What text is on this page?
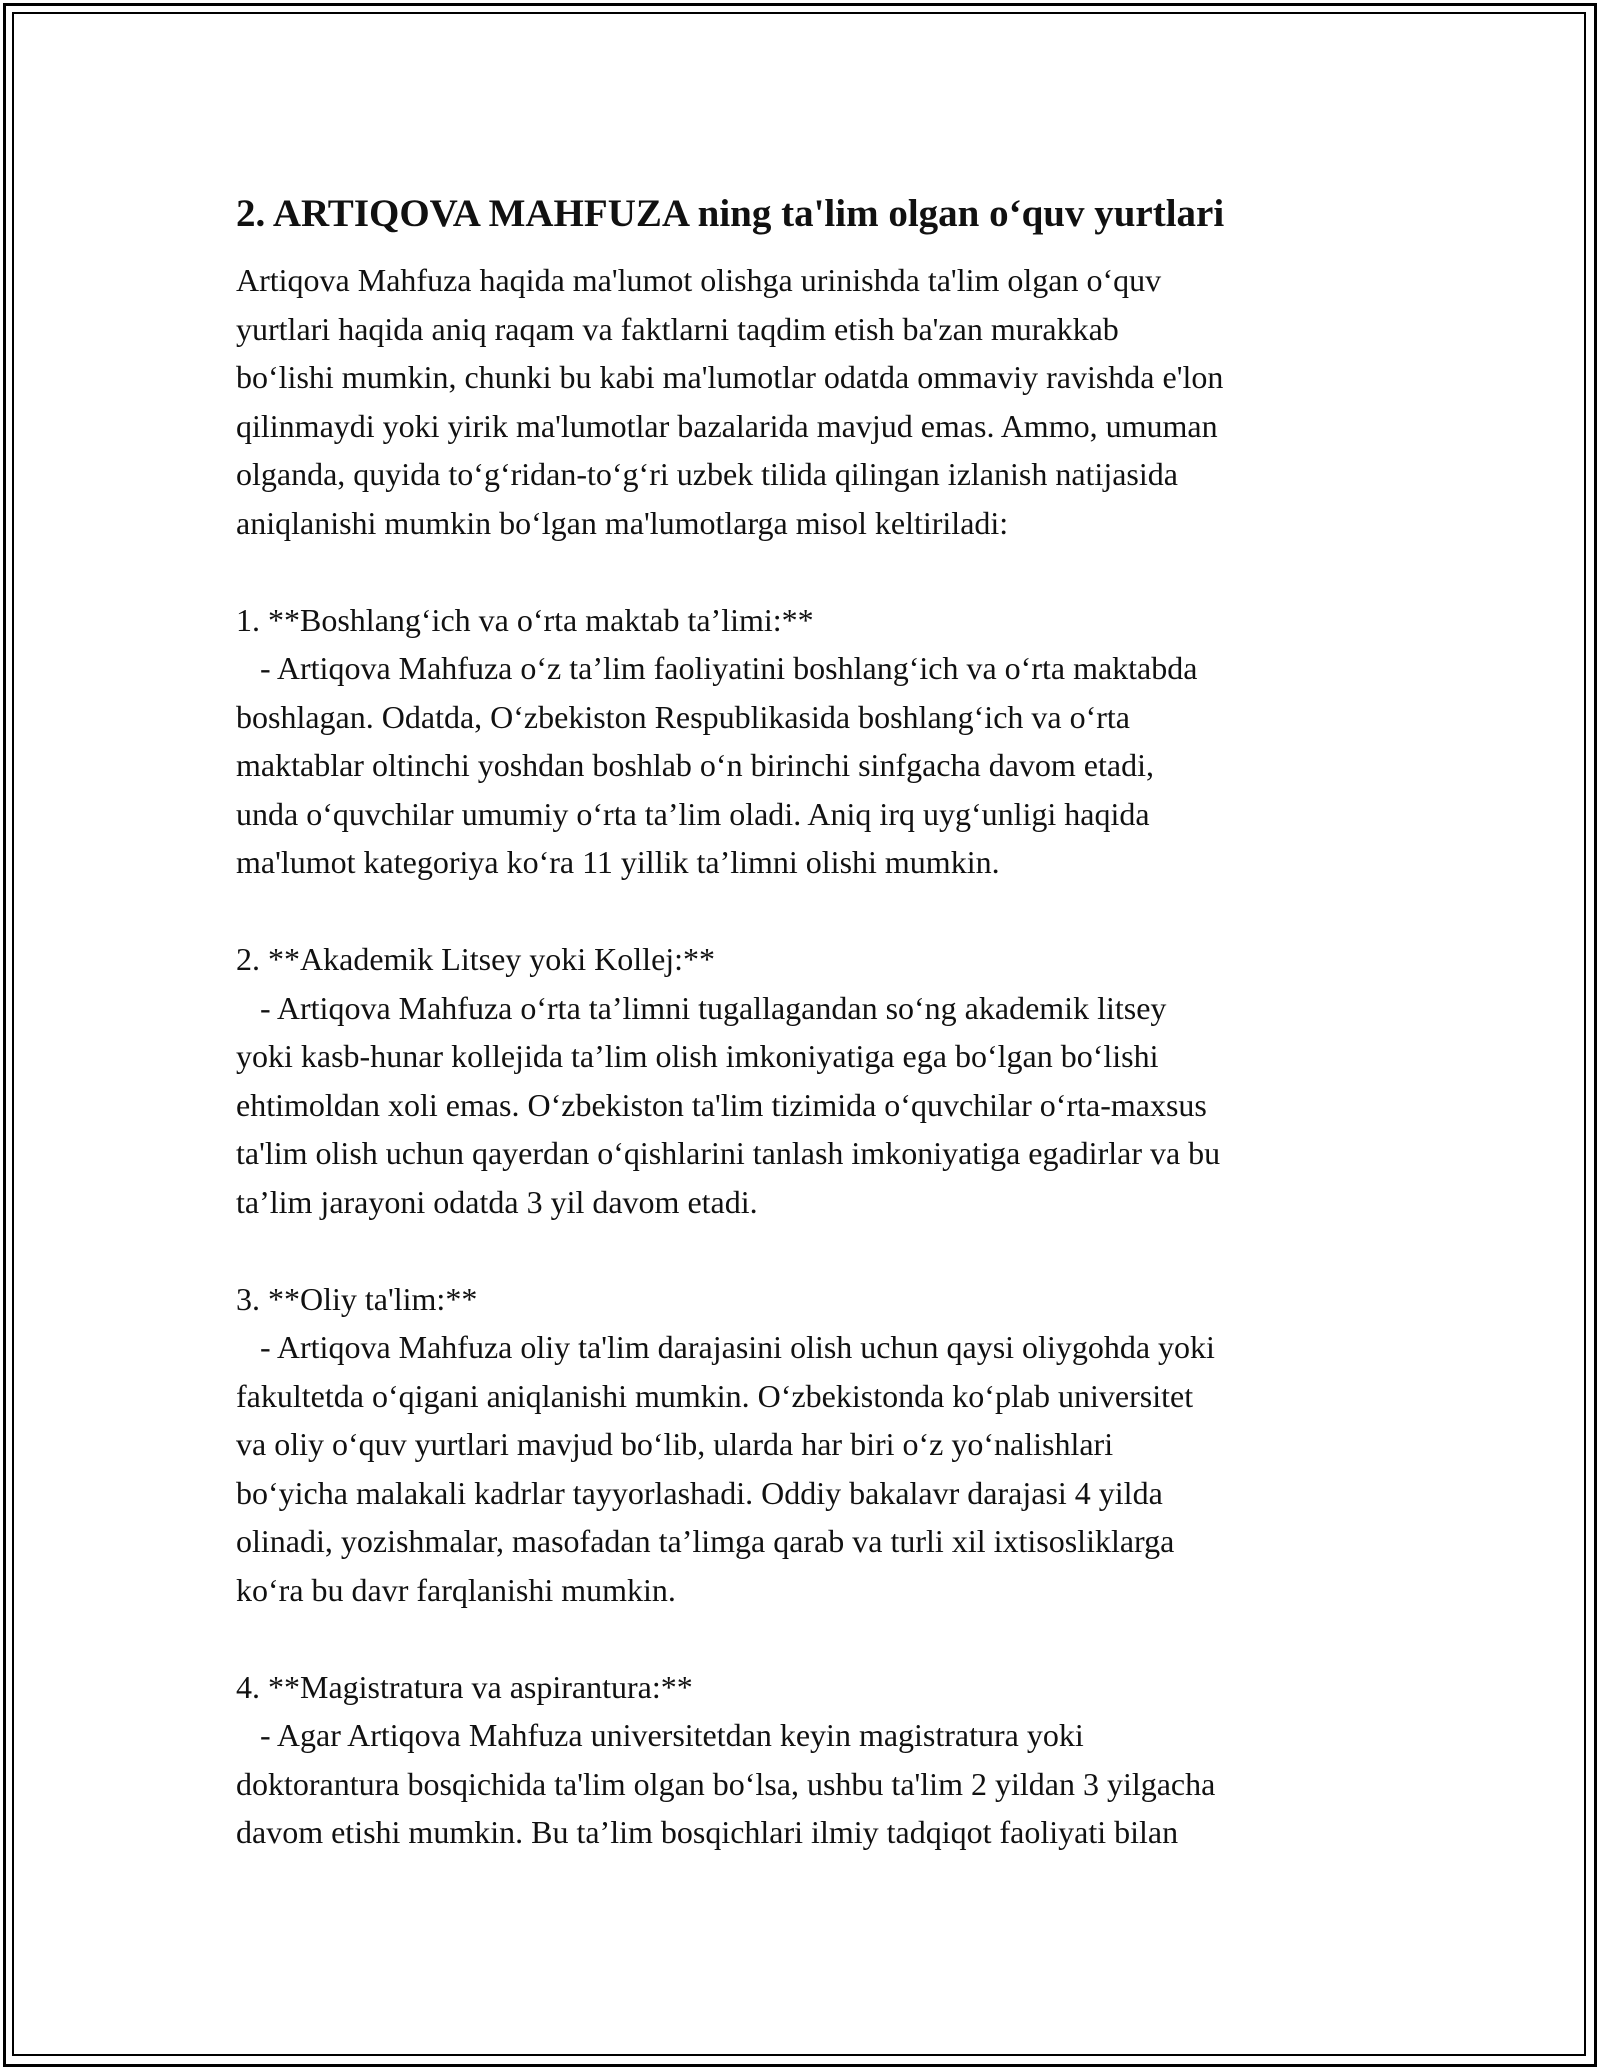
2. ARTIQOVA MAHFUZA ning ta'lim olgan o‘quv yurtlari

Artiqova Mahfuza haqida ma'lumot olishga urinishda ta'lim olgan o‘quv
yurtlari haqida aniq raqam va faktlarni taqdim etish ba'zan murakkab
bo‘lishi mumkin, chunki bu kabi ma'lumotlar odatda ommaviy ravishda e'lon
qilinmaydi yoki yirik ma'lumotlar bazalarida mavjud emas. Ammo, umuman
olganda, quyida to‘g‘ridan-to‘g‘ri uzbek tilida qilingan izlanish natijasida
aniqlanishi mumkin bo‘lgan ma'lumotlarga misol keltiriladi:

1. **Boshlang‘ich va o‘rta maktab ta’limi:**

- Artiqova Mahfuza o‘z ta’lim faoliyatini boshlang‘ich va o‘rta maktabda
boshlagan. Odatda, O‘zbekiston Respublikasida boshlang‘ich va o‘rta
maktablar oltinchi yoshdan boshlab o‘n birinchi sinfgacha davom etadi,
unda o‘quvchilar umumiy o‘rta ta’lim oladi. Aniq irq uyg‘unligi haqida
ma'lumot kategoriya ko‘ra 11 yillik ta’limni olishi mumkin.

2. **Akademik Litsey yoki Kollej:**

- Artiqova Mahfuza o‘rta ta’limni tugallagandan so‘ng akademik litsey
yoki kasb-hunar kollejida ta’lim olish imkoniyatiga ega bo‘lgan bo‘lishi
ehtimoldan xoli emas. O‘zbekiston ta'lim tizimida o‘quvchilar o‘rta-maxsus
ta'lim olish uchun qayerdan o‘qishlarini tanlash imkoniyatiga egadirlar va bu
ta’lim jarayoni odatda 3 yil davom etadi.

3. **Oliy ta'lim:**

- Artiqova Mahfuza oliy ta'lim darajasini olish uchun qaysi oliygohda yoki
fakultetda o‘qigani aniqlanishi mumkin. O‘zbekistonda ko‘plab universitet
va oliy o‘quv yurtlari mavjud bo‘lib, ularda har biri o‘z yo‘nalishlari
bo‘yicha malakali kadrlar tayyorlashadi. Oddiy bakalavr darajasi 4 yilda
olinadi, yozishmalar, masofadan ta’limga qarab va turli xil ixtisosliklarga
ko‘ra bu davr farqlanishi mumkin.

4. **Magistratura va aspirantura:**

- Agar Artiqova Mahfuza universitetdan keyin magistratura yoki
doktorantura bosqichida ta'lim olgan bo‘lsa, ushbu ta'lim 2 yildan 3 yilgacha
davom etishi mumkin. Bu ta’lim bosqichlari ilmiy tadqiqot faoliyati bilan
